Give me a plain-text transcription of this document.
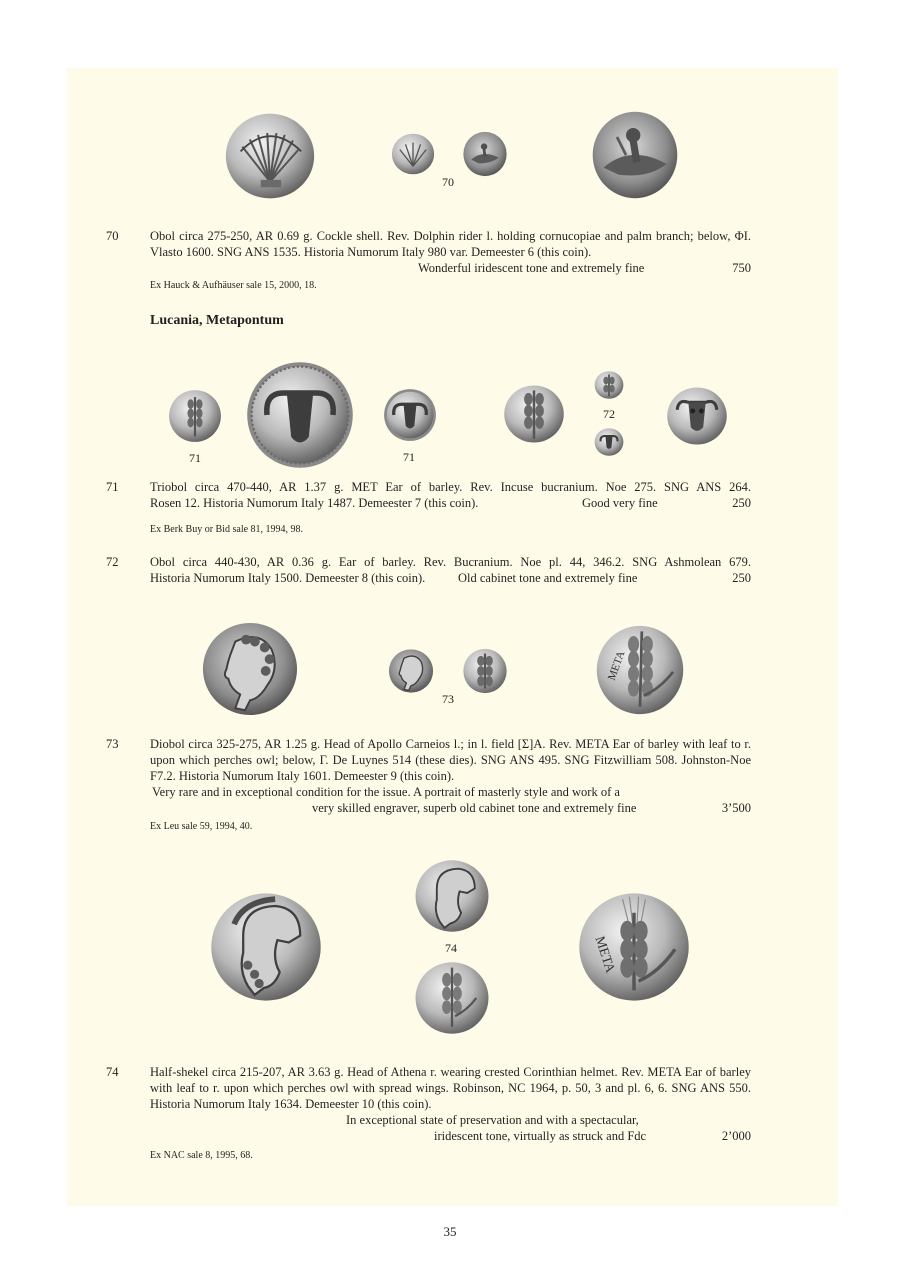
70
70	Obol circa 275-250, AR 0.69 g. Cockle shell. Rev. Dolphin rider l. holding cornucopiae and palm branch; below, ΦΙ. Vlasto 1600. SNG ANS 1535. Historia Numorum Italy 980 var. Demeester 6 (this coin).

Wonderful iridescent tone and extremely fine	750
Ex Hauck & Aufhäuser sale 15, 2000, 18.
Lucania, Metapontum
71	71
72
71	Triobol circa 470-440, AR 1.37 g. MET Ear of barley. Rev. Incuse bucranium. Noe 275. SNG ANS 264.
Rosen 12. Historia Numorum Italy 1487. Demeester 7 (this coin).	Good very fine	250
Ex Berk Buy or Bid sale 81, 1994, 98.
72	Obol circa 440-430, AR 0.36 g. Ear of barley. Rev. Bucranium. Noe pl. 44, 346.2. SNG Ashmolean 679.
Historia Numorum Italy 1500. Demeester 8 (this coin).	Old cabinet tone and extremely fine	250
META
73
73	Diobol circa 325-275, AR 1.25 g. Head of Apollo Carneios l.; in l. field [Σ]A. Rev. META Ear of barley with leaf to r. upon which perches owl; below, Γ. De Luynes 514 (these dies). SNG ANS 495. SNG Fitzwilliam 508. Johnston-Noe F7.2. Historia Numorum Italy 1601. Demeester 9 (this coin).

Very rare and in exceptional condition for the issue. A portrait of masterly style and work of a
very skilled engraver, superb old cabinet tone and extremely fine	3’500
Ex Leu sale 59, 1994, 40.
META
74
74	Half-shekel circa 215-207, AR 3.63 g. Head of Athena r. wearing crested Corinthian helmet. Rev. META Ear of barley with leaf to r. upon which perches owl with spread wings. Robinson, NC 1964, p. 50, 3 and pl. 6, 6. SNG ANS 550. Historia Numorum Italy 1634. Demeester 10 (this coin).

In exceptional state of preservation and with a spectacular,
iridescent tone, virtually as struck and Fdc	2’000
Ex NAC sale 8, 1995, 68.
35
